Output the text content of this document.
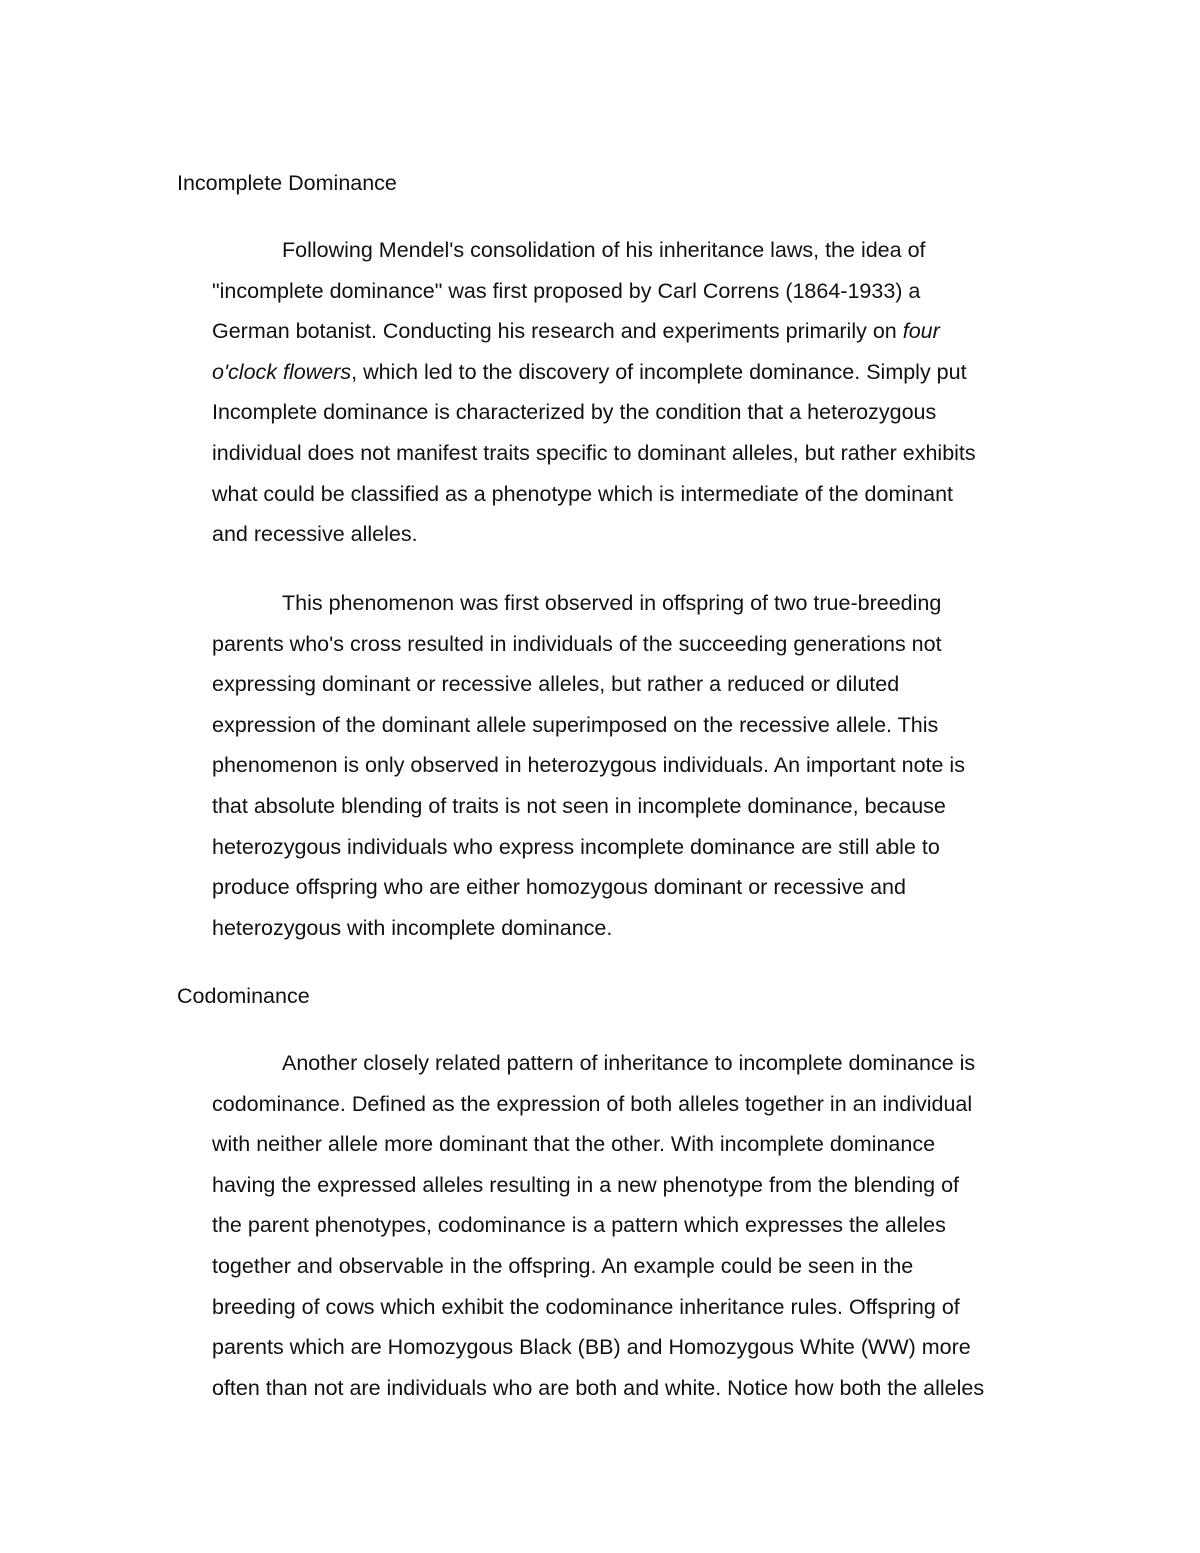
Incomplete Dominance

Following Mendel's consolidation of his inheritance laws, the idea of
"incomplete dominance" was first proposed by Carl Correns (1864-1933) a
German botanist. Conducting his research and experiments primarily on four
o'clock flowers, which led to the discovery of incomplete dominance. Simply put
Incomplete dominance is characterized by the condition that a heterozygous
individual does not manifest traits specific to dominant alleles, but rather exhibits
what could be classified as a phenotype which is intermediate of the dominant
and recessive alleles.

This phenomenon was first observed in offspring of two true-breeding
parents who's cross resulted in individuals of the succeeding generations not
expressing dominant or recessive alleles, but rather a reduced or diluted
expression of the dominant allele superimposed on the recessive allele. This
phenomenon is only observed in heterozygous individuals. An important note is
that absolute blending of traits is not seen in incomplete dominance, because
heterozygous individuals who express incomplete dominance are still able to
produce offspring who are either homozygous dominant or recessive and
heterozygous with incomplete dominance.

Codominance

Another closely related pattern of inheritance to incomplete dominance is
codominance. Defined as the expression of both alleles together in an individual
with neither allele more dominant that the other. With incomplete dominance
having the expressed alleles resulting in a new phenotype from the blending of
the parent phenotypes, codominance is a pattern which expresses the alleles
together and observable in the offspring. An example could be seen in the
breeding of cows which exhibit the codominance inheritance rules. Offspring of
parents which are Homozygous Black (BB) and Homozygous White (WW) more
often than not are individuals who are both and white. Notice how both the alleles
